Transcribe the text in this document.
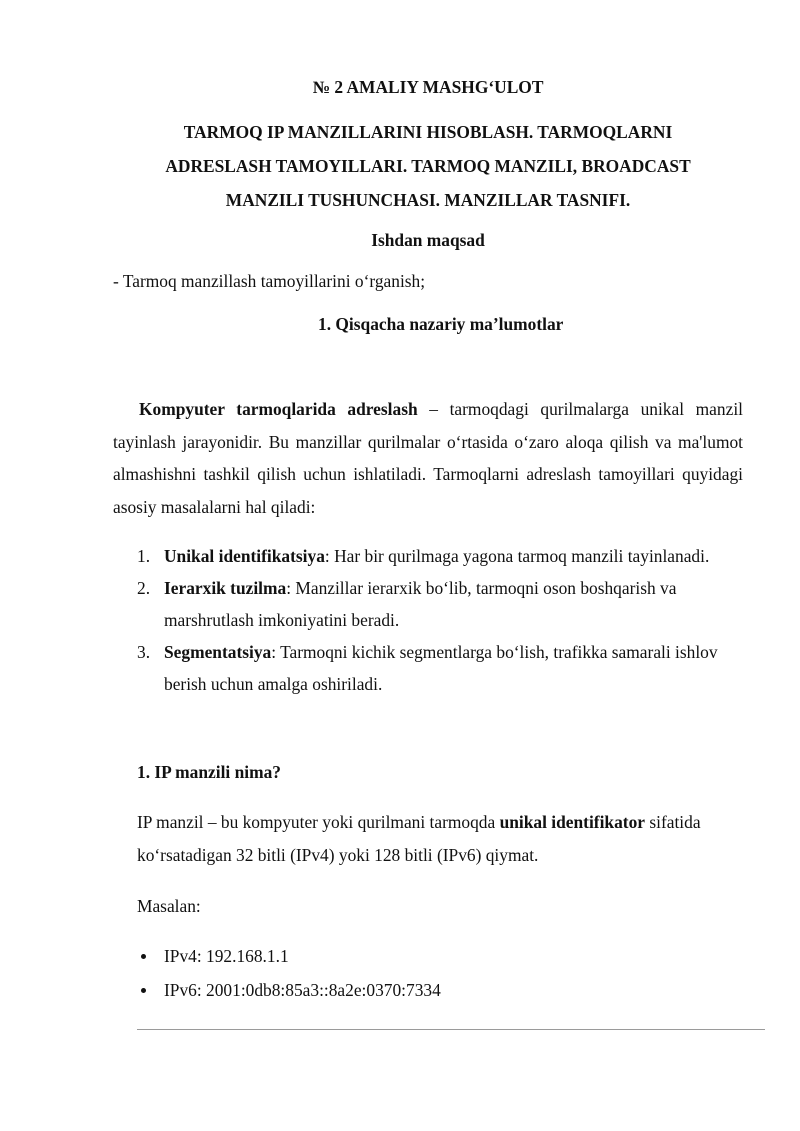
№ 2 AMALIY MASHG‘ULOT
TARMOQ IP MANZILLARINI HISOBLASH. TARMOQLARNI
ADRESLASH TAMOYILLARI. TARMOQ MANZILI, BROADCAST
MANZILI TUSHUNCHASI. MANZILLAR TASNIFI.
Ishdan maqsad
- Tarmoq manzillash tamoyillarini o‘rganish;
1. Qisqacha nazariy ma’lumotlar
Kompyuter tarmoqlarida adreslash – tarmoqdagi qurilmalarga unikal manzil tayinlash jarayonidir. Bu manzillar qurilmalar o‘rtasida o‘zaro aloqa qilish va ma'lumot almashishni tashkil qilish uchun ishlatiladi. Tarmoqlarni adreslash tamoyillari quyidagi asosiy masalalarni hal qiladi:
1. Unikal identifikatsiya: Har bir qurilmaga yagona tarmoq manzili tayinlanadi.
2. Ierarxik tuzilma: Manzillar ierarxik bo‘lib, tarmoqni oson boshqarish va marshrutlash imkoniyatini beradi.
3. Segmentatsiya: Tarmoqni kichik segmentlarga bo‘lish, trafikka samarali ishlov berish uchun amalga oshiriladi.
1. IP manzili nima?
IP manzil – bu kompyuter yoki qurilmani tarmoqda unikal identifikator sifatida ko‘rsatadigan 32 bitli (IPv4) yoki 128 bitli (IPv6) qiymat.
Masalan:
IPv4: 192.168.1.1
IPv6: 2001:0db8:85a3::8a2e:0370:7334
